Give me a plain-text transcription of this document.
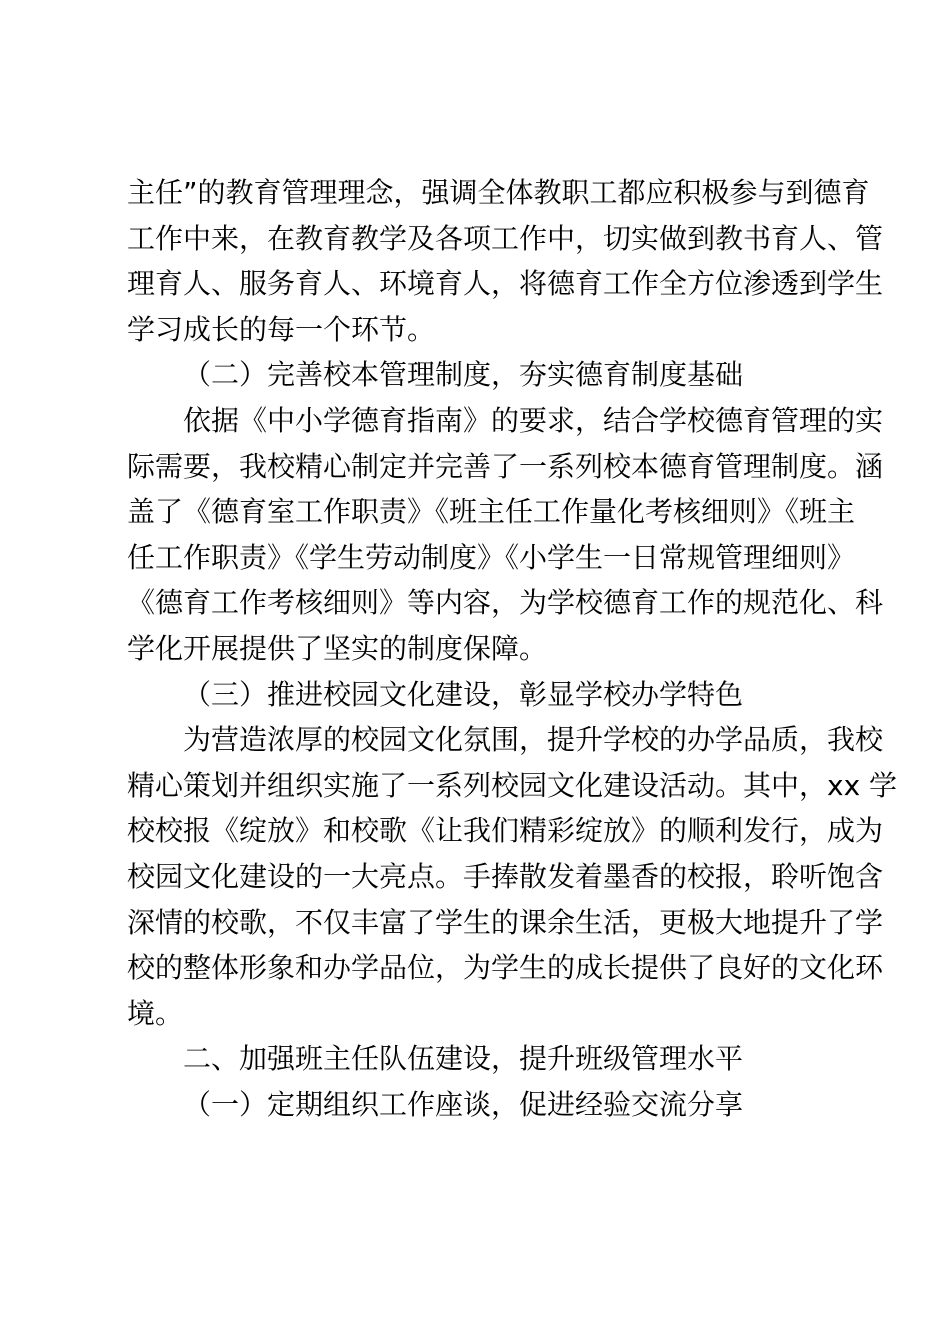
主任”的教育管理理念，强调全体教职工都应积极参与到德育
工作中来，在教育教学及各项工作中，切实做到教书育人、管
理育人、服务育人、环境育人，将德育工作全方位渗透到学生
学习成长的每一个环节。
（二）完善校本管理制度，夯实德育制度基础
依据《中小学德育指南》的要求，结合学校德育管理的实
际需要，我校精心制定并完善了一系列校本德育管理制度。涵
盖了《德育室工作职责》《班主任工作量化考核细则》《班主
任工作职责》《学生劳动制度》《小学生一日常规管理细则》
《德育工作考核细则》等内容，为学校德育工作的规范化、科
学化开展提供了坚实的制度保障。
（三）推进校园文化建设，彰显学校办学特色
为营造浓厚的校园文化氛围，提升学校的办学品质，我校
精心策划并组织实施了一系列校园文化建设活动。其中，xx 学
校校报《绽放》和校歌《让我们精彩绽放》的顺利发行，成为
校园文化建设的一大亮点。手捧散发着墨香的校报，聆听饱含
深情的校歌，不仅丰富了学生的课余生活，更极大地提升了学
校的整体形象和办学品位，为学生的成长提供了良好的文化环
境。
二、加强班主任队伍建设，提升班级管理水平
（一）定期组织工作座谈，促进经验交流分享
